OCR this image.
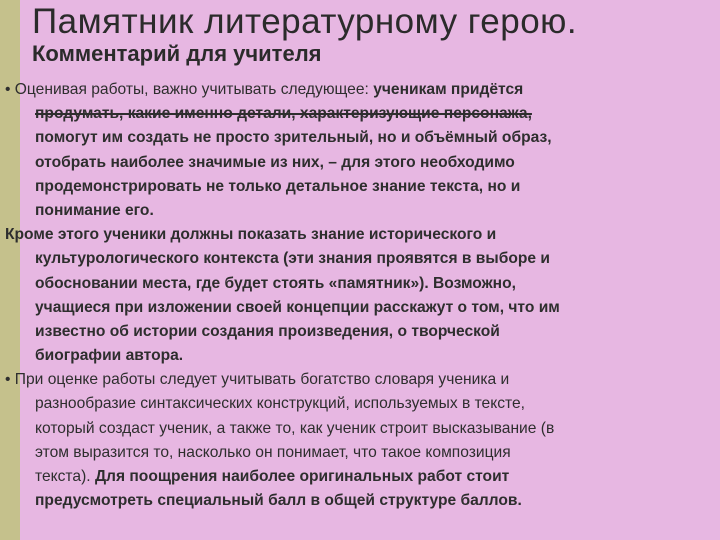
Памятник литературному герою.
Комментарий для учителя
• Оценивая работы, важно учитывать следующее: ученикам придётся
продумать, какие именно детали, характеризующие персонажа,
помогут им создать не просто зрительный, но и объёмный образ,
отобрать наиболее значимые из них, – для этого необходимо
продемонстрировать не только детальное знание текста, но и
понимание его.
Кроме этого ученики должны показать знание исторического и
культурологического контекста (эти знания проявятся в выборе и
обосновании места, где будет стоять «памятник»). Возможно,
учащиеся при изложении своей концепции расскажут о том, что им
известно об истории создания произведения, о творческой
биографии автора.
• При оценке работы следует учитывать богатство словаря ученика и
разнообразие синтаксических конструкций, используемых в тексте,
который создаст ученик, а также то, как ученик строит высказывание (в
этом выразится то, насколько он понимает, что такое композиция
текста). Для поощрения наиболее оригинальных работ стоит
предусмотреть специальный балл в общей структуре баллов.
